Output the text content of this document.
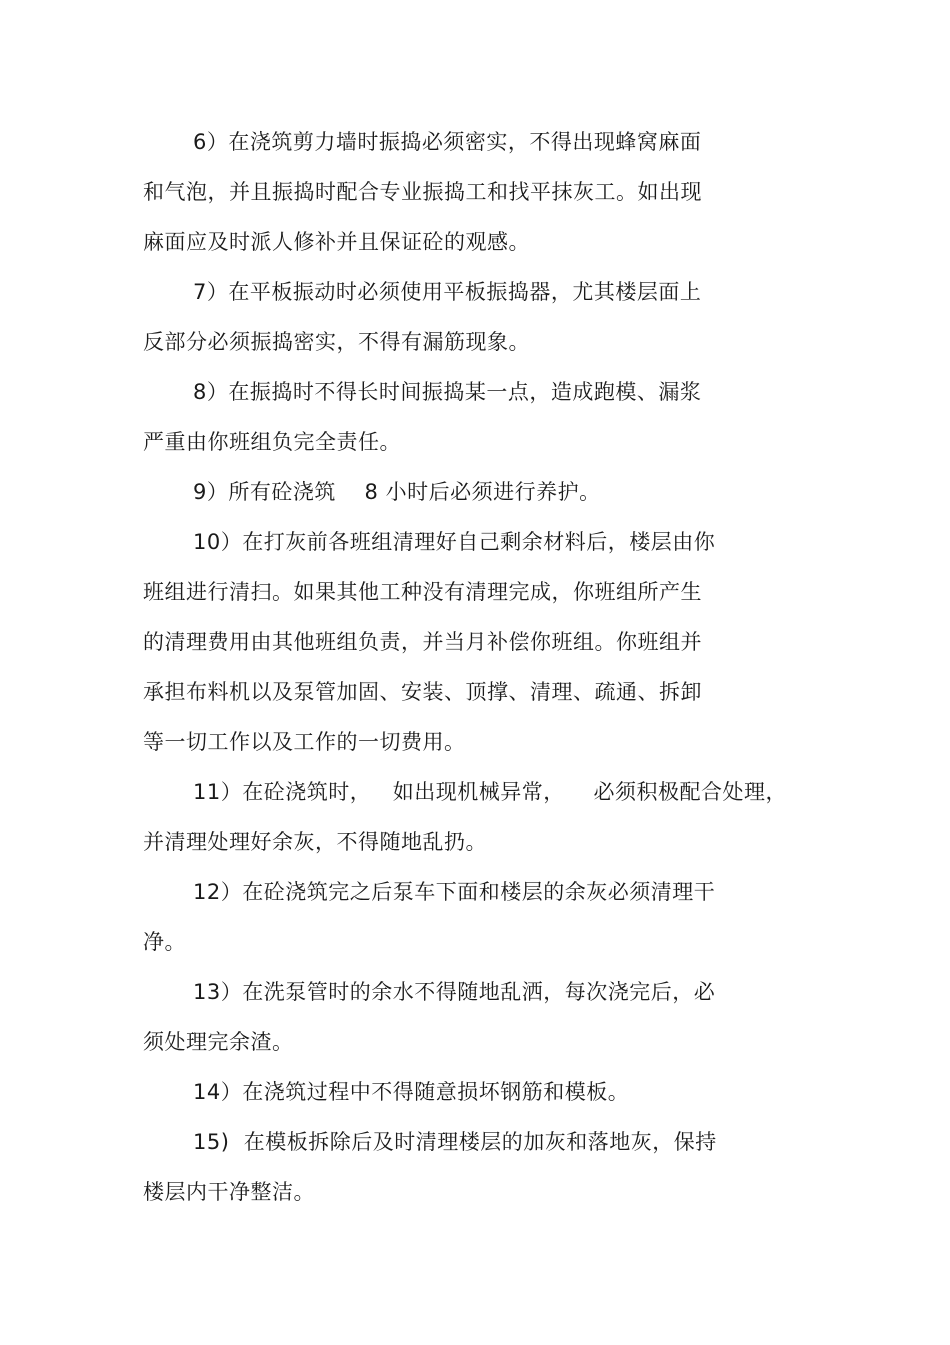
6）在浇筑剪力墙时振捣必须密实，不得出现蜂窝麻面
和气泡，并且振捣时配合专业振捣工和找平抹灰工。如出现
麻面应及时派人修补并且保证砼的观感。
7）在平板振动时必须使用平板振捣器，尤其楼层面上
反部分必须振捣密实，不得有漏筋现象。
8）在振捣时不得长时间振捣某一点，造成跑模、漏浆
严重由你班组负完全责任。
9）所有砼浇筑    8 小时后必须进行养护。
10）在打灰前各班组清理好自己剩余材料后，楼层由你
班组进行清扫。如果其他工种没有清理完成，你班组所产生
的清理费用由其他班组负责，并当月补偿你班组。你班组并
承担布料机以及泵管加固、安装、顶撑、清理、疏通、拆卸
等一切工作以及工作的一切费用。
11）在砼浇筑时，   如出现机械异常，    必须积极配合处理，
并清理处理好余灰，不得随地乱扔。
12）在砼浇筑完之后泵车下面和楼层的余灰必须清理干
净。
13）在洗泵管时的余水不得随地乱洒，每次浇完后，必
须处理完余渣。
14）在浇筑过程中不得随意损坏钢筋和模板。
15)  在模板拆除后及时清理楼层的加灰和落地灰，保持
楼层内干净整洁。
